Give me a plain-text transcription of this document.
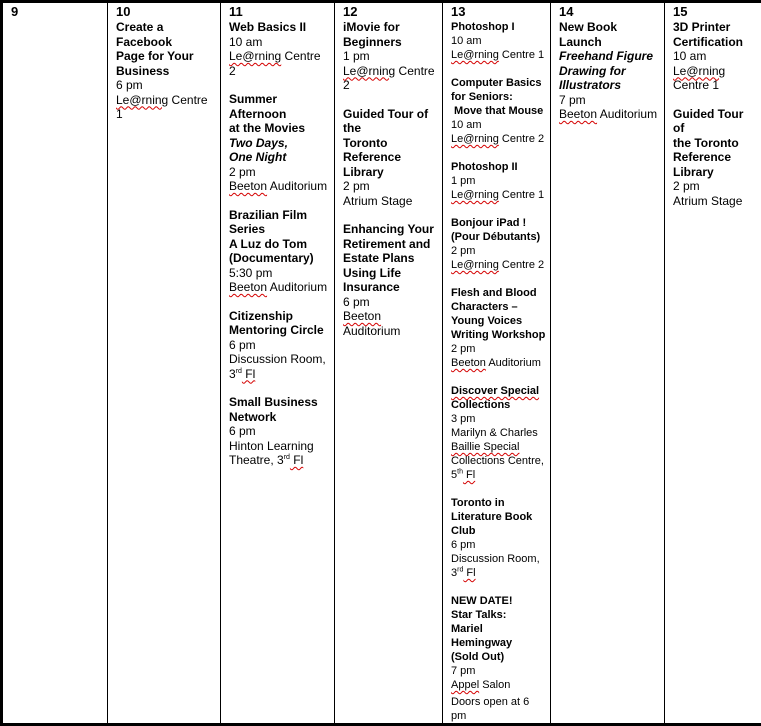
9	10
Create a Facebook
Page for Your
Business
6 pm
Le@rning Centre 1

11
Web Basics II
10 am
Le@rning Centre 2
Summer Afternoon
at the Movies
Two Days,
One Night
2 pm
Beeton Auditorium
Brazilian Film
Series
A Luz do Tom
(Documentary)
5:30 pm
Beeton Auditorium
Citizenship
Mentoring Circle
6 pm
Discussion Room,
3rd Fl
Small Business
Network
6 pm
Hinton Learning
Theatre, 3rd Fl

12
iMovie for
Beginners
1 pm
Le@rning Centre 2
Guided Tour of the
Toronto Reference
Library
2 pm
Atrium Stage
Enhancing Your
Retirement and
Estate Plans
Using Life
Insurance
6 pm
Beeton Auditorium

13
Photoshop I
10 am
Le@rning Centre 1
Computer Basics
for Seniors:
Move that Mouse
10 am
Le@rning Centre 2
Photoshop II
1 pm
Le@rning Centre 1
Bonjour iPad !
(Pour Débutants)
2 pm
Le@rning Centre 2
Flesh and Blood
Characters –
Young Voices
Writing Workshop
2 pm
Beeton Auditorium
Discover Special
Collections
3 pm
Marilyn & Charles
Baillie Special
Collections Centre,
5th Fl
Toronto in
Literature Book
Club
6 pm
Discussion Room,
3rd Fl
NEW DATE!
Star Talks:
Mariel Hemingway
(Sold Out)
7 pm
Appel Salon
Doors open at 6 pm

14
New Book Launch
Freehand Figure
Drawing for
Illustrators
7 pm
Beeton Auditorium

15
3D Printer
Certification
10 am
Le@rning
Centre 1
Guided Tour of
the Toronto
Reference
Library
2 pm
Atrium Stage
